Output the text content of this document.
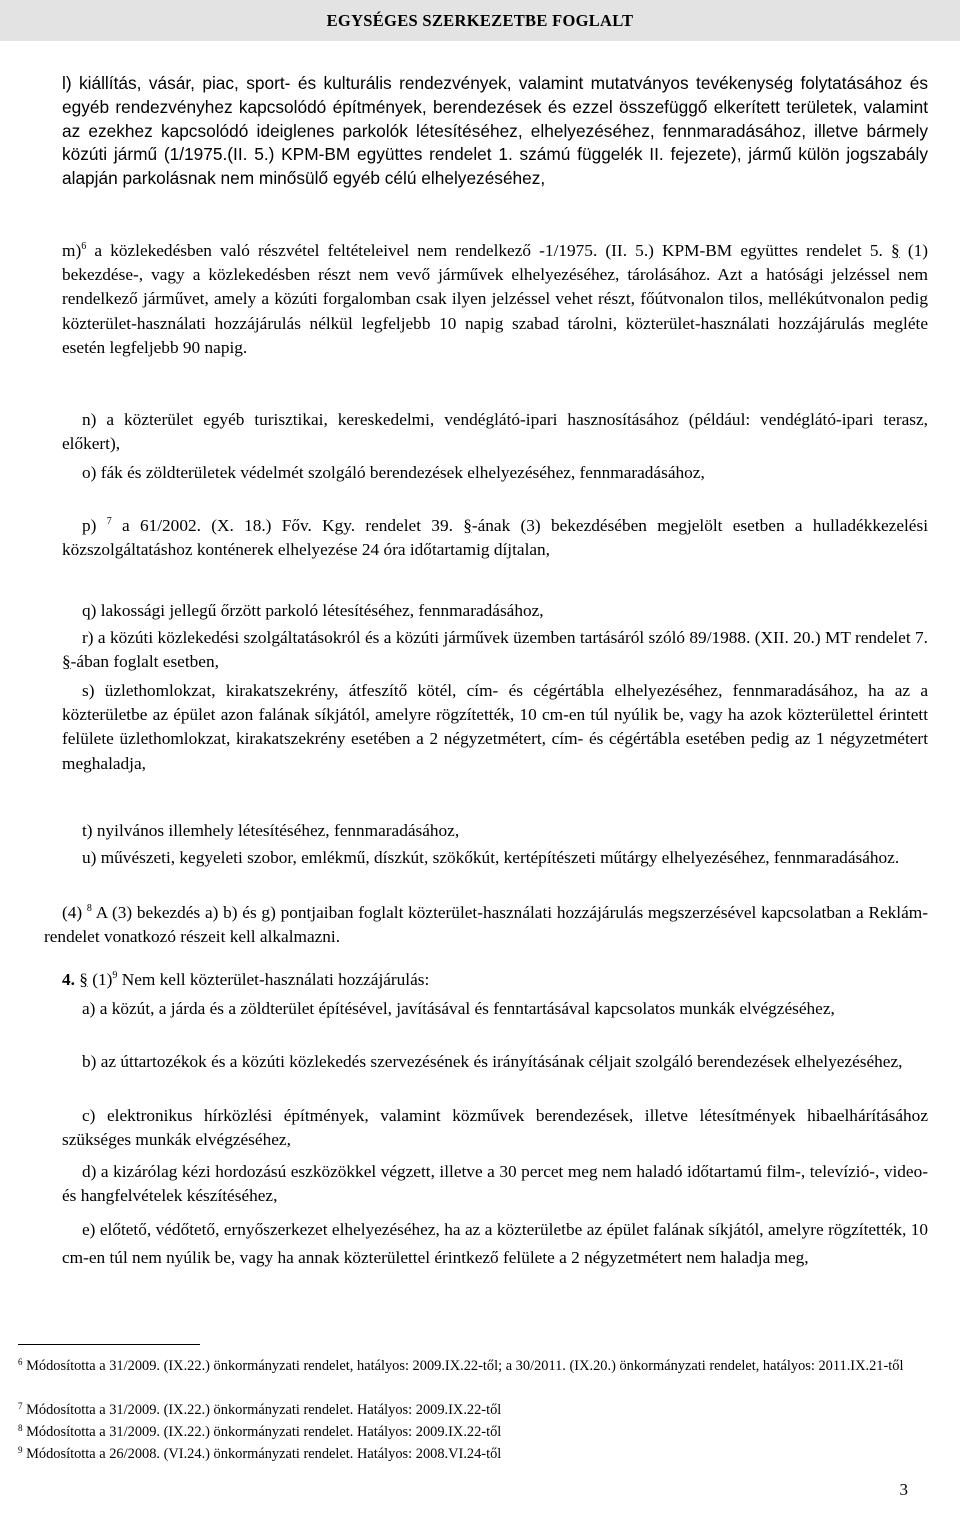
EGYSÉGES SZERKEZETBE FOGLALT
l) kiállítás, vásár, piac, sport- és kulturális rendezvények, valamint mutatványos tevékenység folytatásához és egyéb rendezvényhez kapcsolódó építmények, berendezések és ezzel összefüggő elkerített területek, valamint az ezekhez kapcsolódó ideiglenes parkolók létesítéséhez, elhelyezéséhez, fennmaradásához, illetve bármely közúti jármű (1/1975.(II. 5.) KPM-BM együttes rendelet 1. számú függelék II. fejezete), jármű külön jogszabály alapján parkolásnak nem minősülő egyéb célú elhelyezéséhez,
m)$^6$ a közlekedésben való részvétel feltételeivel nem rendelkező -1/1975. (II. 5.) KPM-BM együttes rendelet 5. § (1) bekezdése-, vagy a közlekedésben részt nem vevő járművek elhelyezéséhez, tárolásához. Azt a hatósági jelzéssel nem rendelkező járművet, amely a közúti forgalomban csak ilyen jelzéssel vehet részt, főútvonalon tilos, mellékútvonalon pedig közterület-használati hozzájárulás nélkül legfeljebb 10 napig szabad tárolni, közterület-használati hozzájárulás megléte esetén legfeljebb 90 napig.
n) a közterület egyéb turisztikai, kereskedelmi, vendéglátó-ipari hasznosításához (például: vendéglátó-ipari terasz, előkert),
o) fák és zöldterületek védelmét szolgáló berendezések elhelyezéséhez, fennmaradásához,
p) $^7$ a 61/2002. (X. 18.) Főv. Kgy. rendelet 39. §-ának (3) bekezdésében megjelölt esetben a hulladékkezelési közszolgáltatáshoz konténerek elhelyezése 24 óra időtartamig díjtalan,
q) lakossági jellegű őrzött parkoló létesítéséhez, fennmaradásához,
r) a közúti közlekedési szolgáltatásokról és a közúti járművek üzemben tartásáról szóló 89/1988. (XII. 20.) MT rendelet 7. §-ában foglalt esetben,
s) üzlethomlokzat, kirakatszekrény, átfeszítő kötél, cím- és cégértábla elhelyezéséhez, fennmaradásához, ha az a közterületbe az épület azon falának síkjától, amelyre rögzítették, 10 cm-en túl nyúlik be, vagy ha azok közterülettel érintett felülete üzlethomlokzat, kirakatszekrény esetében a 2 négyzetmétert, cím- és cégértábla esetében pedig az 1 négyzetmétert meghaladja,
t) nyilvános illemhely létesítéséhez, fennmaradásához,
u) művészeti, kegyeleti szobor, emlékmű, díszkút, szökőkút, kertépítészeti műtárgy elhelyezéséhez, fennmaradásához.
(4) $^8$ A (3) bekezdés a) b) és g) pontjaiban foglalt közterület-használati hozzájárulás megszerzésével kapcsolatban a Reklám-rendelet vonatkozó részeit kell alkalmazni.
4. § $(1)^9$ Nem kell közterület-használati hozzájárulás:
a) a közút, a járda és a zöldterület építésével, javításával és fenntartásával kapcsolatos munkák elvégzéséhez,
b) az úttartozékok és a közúti közlekedés szervezésének és irányításának céljait szolgáló berendezések elhelyezéséhez,
c) elektronikus hírközlési építmények, valamint közművek berendezések, illetve létesítmények hibaelhárításához szükséges munkák elvégzéséhez,
d) a kizárólag kézi hordozású eszközökkel végzett, illetve a 30 percet meg nem haladó időtartamú film-, televízió-, video- és hangfelvételek készítéséhez,
e) előtető, védőtető, ernyőszerkezet elhelyezéséhez, ha az a közterületbe az épület falának síkjától, amelyre rögzítették, 10 cm-en túl nem nyúlik be, vagy ha annak közterülettel érintkező felülete a 2 négyzetmétert nem haladja meg,
$^6$ Módosította a 31/2009. (IX.22.) önkormányzati rendelet, hatályos: 2009.IX.22-től; a 30/2011. (IX.20.) önkormányzati rendelet, hatályos: 2011.IX.21-től
$^7$ Módosította a 31/2009. (IX.22.) önkormányzati rendelet. Hatályos: 2009.IX.22-től
$^8$ Módosította a 31/2009. (IX.22.) önkormányzati rendelet. Hatályos: 2009.IX.22-től
$^9$ Módosította a 26/2008. (VI.24.) önkormányzati rendelet. Hatályos: 2008.VI.24-től
3
